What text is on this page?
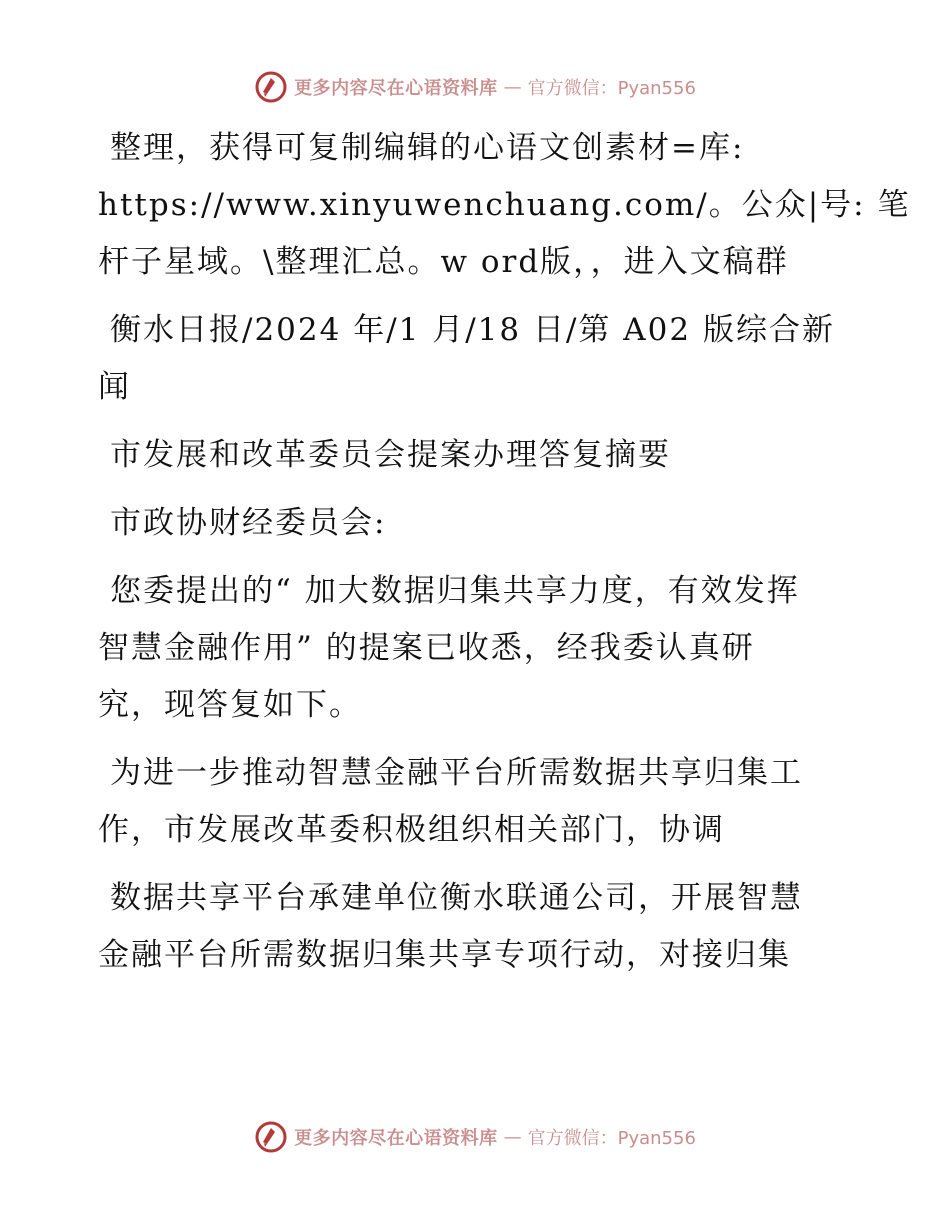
更多内容尽在心语资料库 — 官方微信：Pyan556

整理，获得可复制编辑的心语文创素材=库:
https://www.xinyuwenchuang.com/。公众|号: 笔
杆子星域。\整理汇总。w ord版，，进入文稿群

衡水日报/2024 年/1 月/18 日/第 A02 版综合新
闻

市发展和改革委员会提案办理答复摘要

市政协财经委员会:

您委提出的“ 加大数据归集共享力度，有效发挥
智慧金融作用” 的提案已收悉，经我委认真研
究，现答复如下。

为进一步推动智慧金融平台所需数据共享归集工
作，市发展改革委积极组织相关部门，协调

数据共享平台承建单位衡水联通公司，开展智慧
金融平台所需数据归集共享专项行动，对接归集

更多内容尽在心语资料库 — 官方微信：Pyan556
